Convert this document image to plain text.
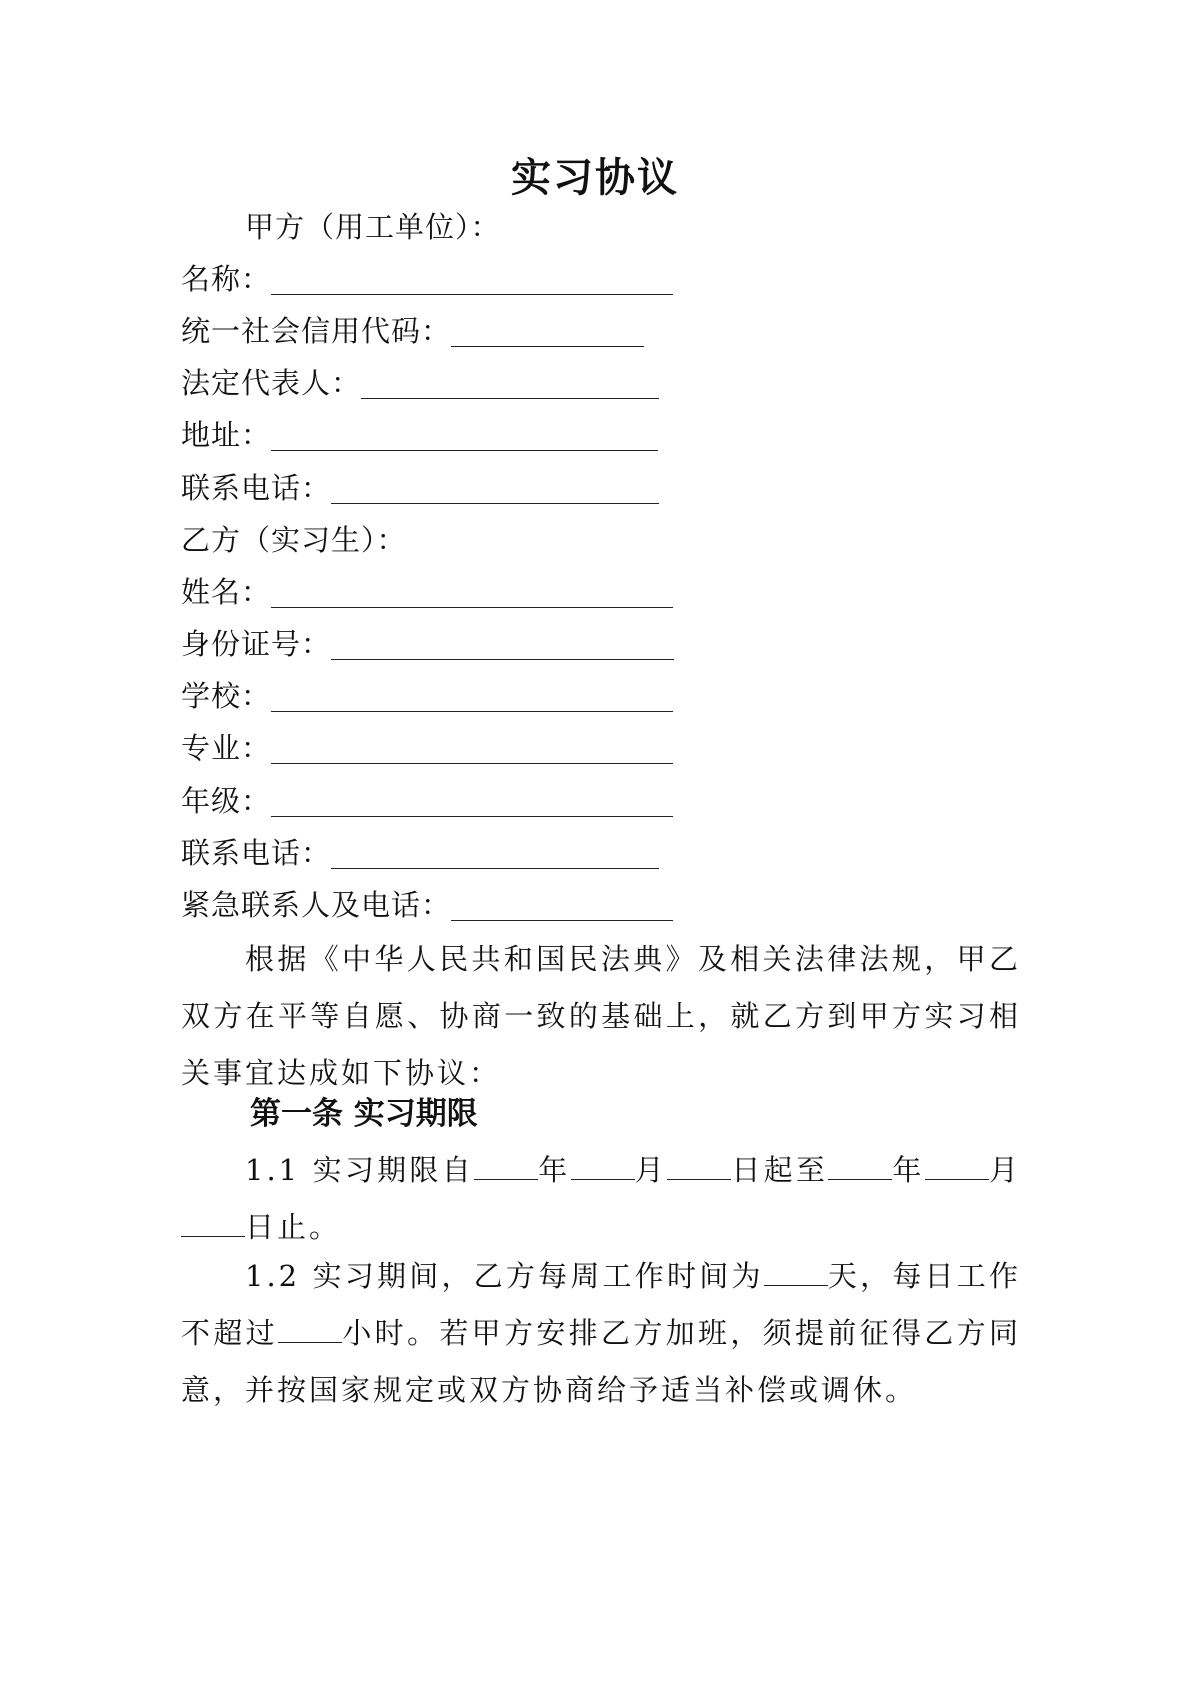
实习协议
甲方（用工单位）：
名称：
统一社会信用代码：
法定代表人：
地址：
联系电话：
乙方（实习生）：
姓名：
身份证号：
学校：
专业：
年级：
联系电话：
紧急联系人及电话：

根据《中华人民共和国民法典》及相关法律法规，甲乙双方在平等自愿、协商一致的基础上，就乙方到甲方实习相关事宜达成如下协议：

第一条 实习期限

1.1 实习期限自 年 月 日起至 年 月日止。

1.2 实习期间，乙方每周工作时间为 天，每日工作不超过 小时。若甲方安排乙方加班，须提前征得乙方同意，并按国家规定或双方协商给予适当补偿或调休。
